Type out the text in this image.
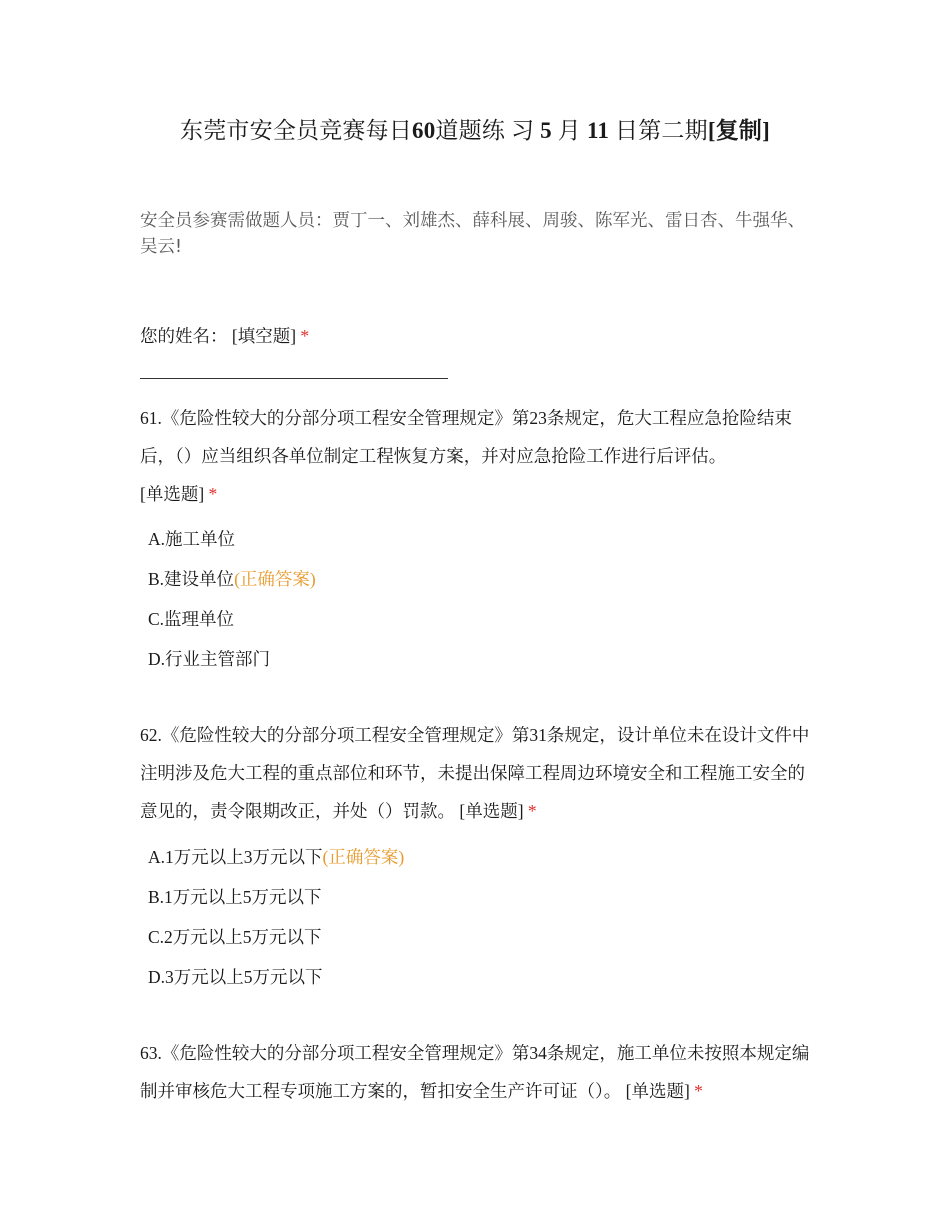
东莞市安全员竞赛每日60道题练 习 5 月 11 日第二期[复制]
安全员参赛需做题人员：贾丁一、刘雄杰、薛科展、周骏、陈军光、雷日杏、牛强华、吴云!
您的姓名： [填空题] *
61.《危险性较大的分部分项工程安全管理规定》第23条规定，危大工程应急抢险结束后，（）应当组织各单位制定工程恢复方案，并对应急抢险工作进行后评估。
[单选题] *
A.施工单位
B.建设单位(正确答案)
C.监理单位
D.行业主管部门
62.《危险性较大的分部分项工程安全管理规定》第31条规定，设计单位未在设计文件中注明涉及危大工程的重点部位和环节，未提出保障工程周边环境安全和工程施工安全的意见的，责令限期改正，并处（）罚款。 [单选题] *
A.1万元以上3万元以下(正确答案)
B.1万元以上5万元以下
C.2万元以上5万元以下
D.3万元以上5万元以下
63.《危险性较大的分部分项工程安全管理规定》第34条规定，施工单位未按照本规定编制并审核危大工程专项施工方案的，暂扣安全生产许可证（）。 [单选题] *
